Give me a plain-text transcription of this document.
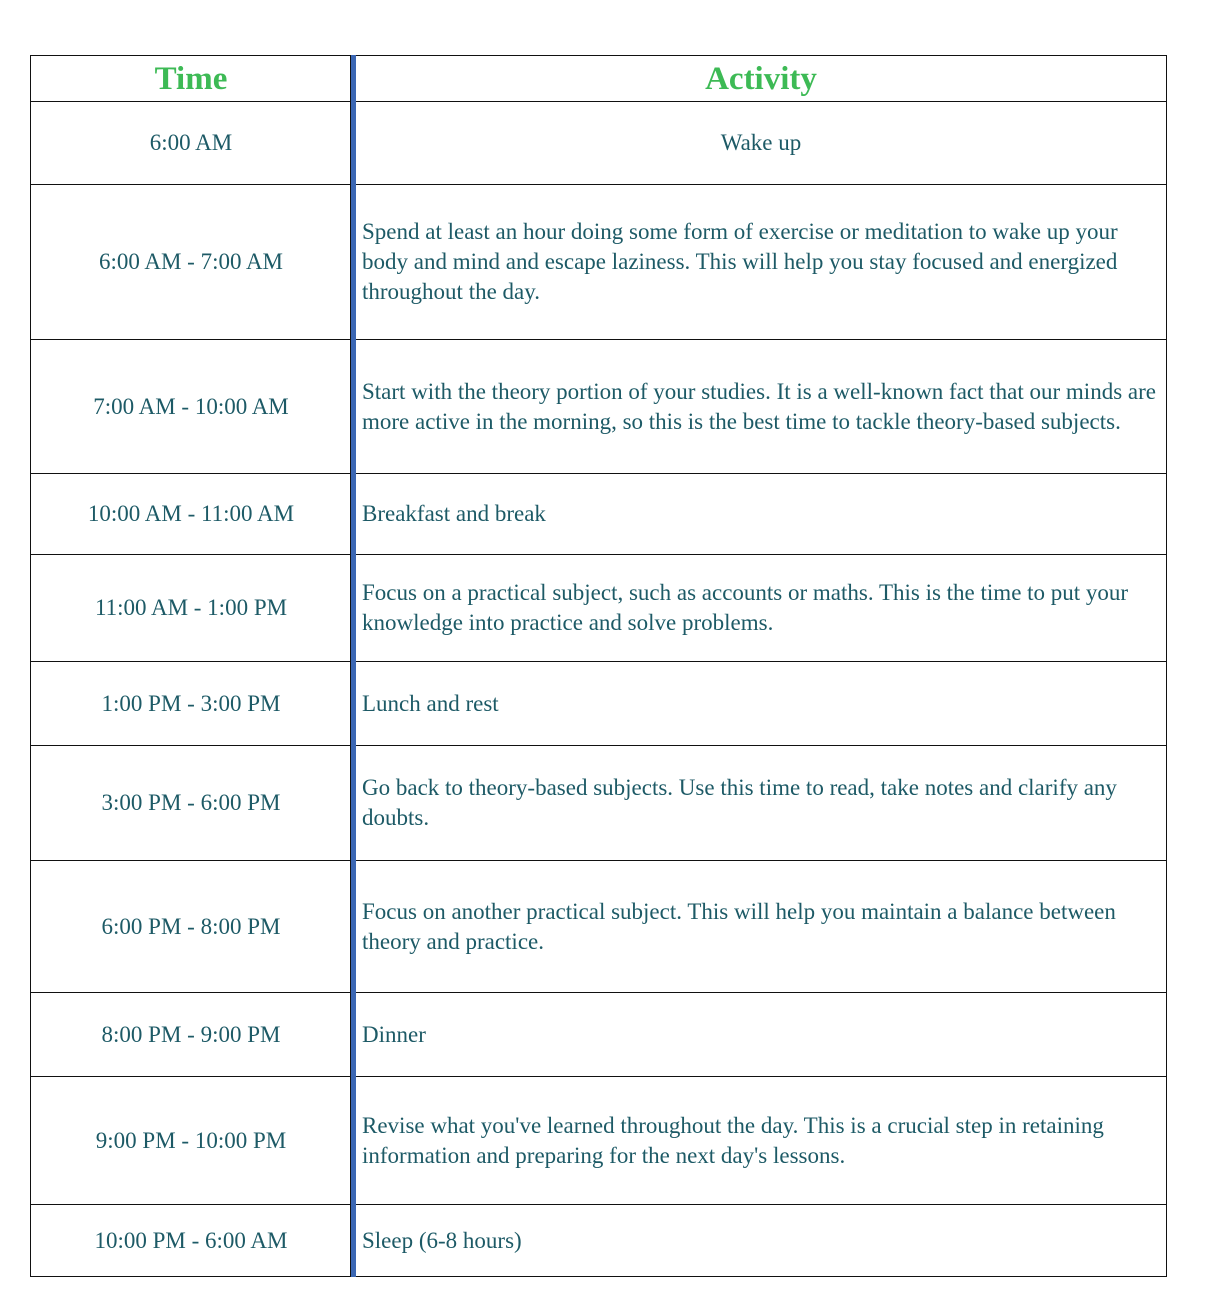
Time	Activity
6:00 AM	Wake up
6:00 AM - 7:00 AM	Spend at least an hour doing some form of exercise or meditation to wake up your body and mind and escape laziness. This will help you stay focused and energized throughout the day.
7:00 AM - 10:00 AM	Start with the theory portion of your studies. It is a well-known fact that our minds are more active in the morning, so this is the best time to tackle theory-based subjects.
10:00 AM - 11:00 AM	Breakfast and break
11:00 AM - 1:00 PM	Focus on a practical subject, such as accounts or maths. This is the time to put your knowledge into practice and solve problems.
1:00 PM - 3:00 PM	Lunch and rest
3:00 PM - 6:00 PM	Go back to theory-based subjects. Use this time to read, take notes and clarify any doubts.
6:00 PM - 8:00 PM	Focus on another practical subject. This will help you maintain a balance between theory and practice.
8:00 PM - 9:00 PM	Dinner
9:00 PM - 10:00 PM	Revise what you've learned throughout the day. This is a crucial step in retaining information and preparing for the next day's lessons.
10:00 PM - 6:00 AM	Sleep (6-8 hours)
